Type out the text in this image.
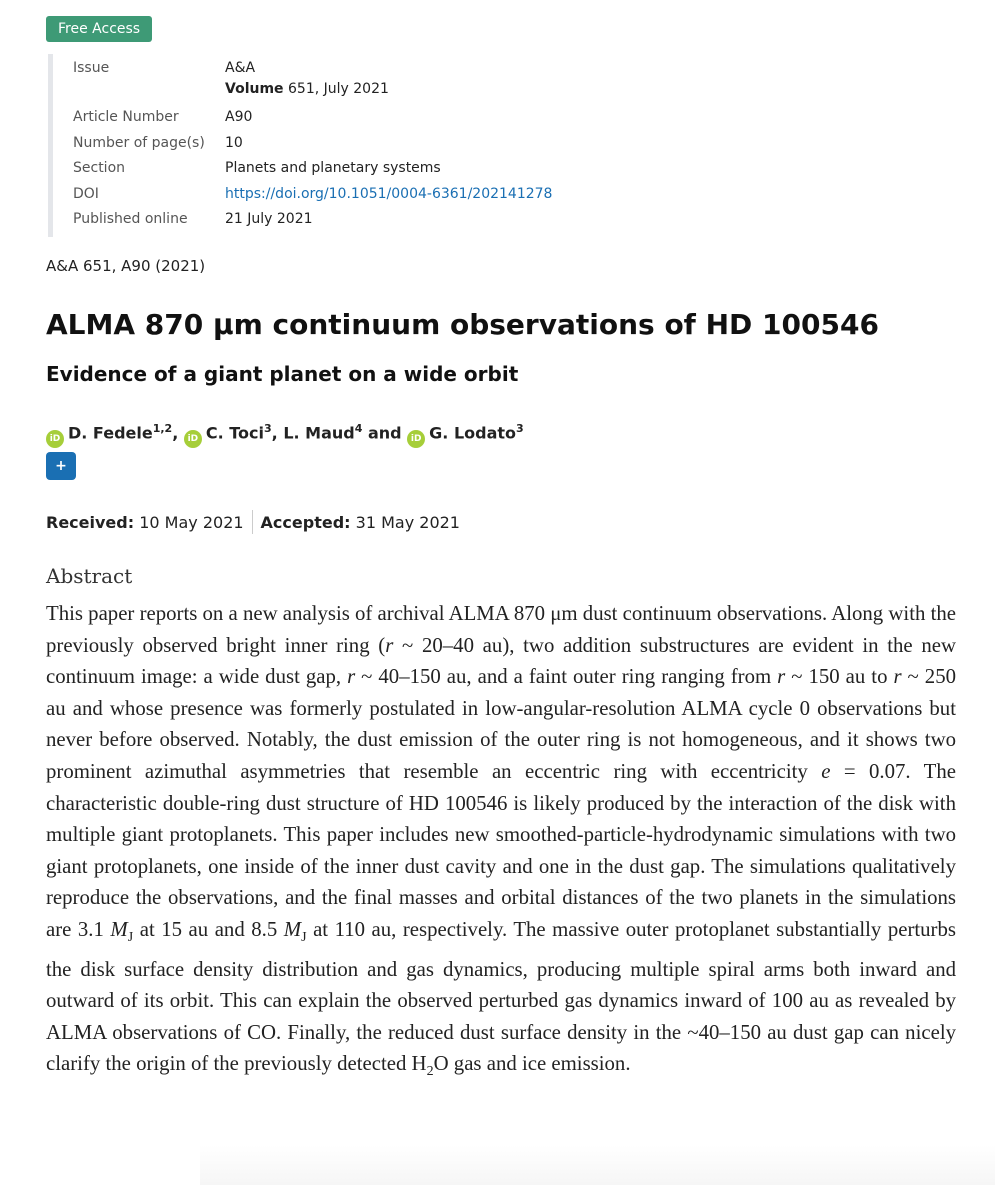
Free Access
Issue	A&A
Volume 651, July 2021
Article Number	A90
Number of page(s)	10
Section	Planets and planetary systems
DOI	https://doi.org/10.1051/0004-6361/202141278
Published online	21 July 2021
A&A 651, A90 (2021)
ALMA 870 μm continuum observations of HD 100546
Evidence of a giant planet on a wide orbit
iD D. Fedele$^{1,2}$, iD C. Toci$^3$, L. Maud$^4$ and iD G. Lodato$^3$
+
Received: 10 May 2021 Accepted: 31 May 2021
Abstract

This paper reports on a new analysis of archival ALMA 870 μm dust continuum observations. Along with the previously observed bright inner ring (r ~ 20–40 au), two addition substructures are evident in the new continuum image: a wide dust gap, r ~ 40–150 au, and a faint outer ring ranging from r ~ 150 au to r ~ 250 au and whose presence was formerly postulated in low-angular-resolution ALMA cycle 0 observations but never before observed. Notably, the dust emission of the outer ring is not homogeneous, and it shows two prominent azimuthal asymmetries that resemble an eccentric ring with eccentricity e = 0.07. The characteristic double-ring dust structure of HD 100546 is likely produced by the interaction of the disk with multiple giant protoplanets. This paper includes new smoothed-particle-hydrodynamic simulations with two giant protoplanets, one inside of the inner dust cavity and one in the dust gap. The simulations qualitatively reproduce the observations, and the final masses and orbital distances of the two planets in the simulations are 3.1 $M_J$ at 15 au and 8.5 $M_J$ at 110 au, respectively. The massive outer protoplanet substantially perturbs the disk surface density distribution and gas dynamics, producing multiple spiral arms both inward and outward of its orbit. This can explain the observed perturbed gas dynamics inward of 100 au as revealed by ALMA observations of CO. Finally, the reduced dust surface density in the ~40–150 au dust gap can nicely clarify the origin of the previously detected $H_2O$ gas and ice emission.
